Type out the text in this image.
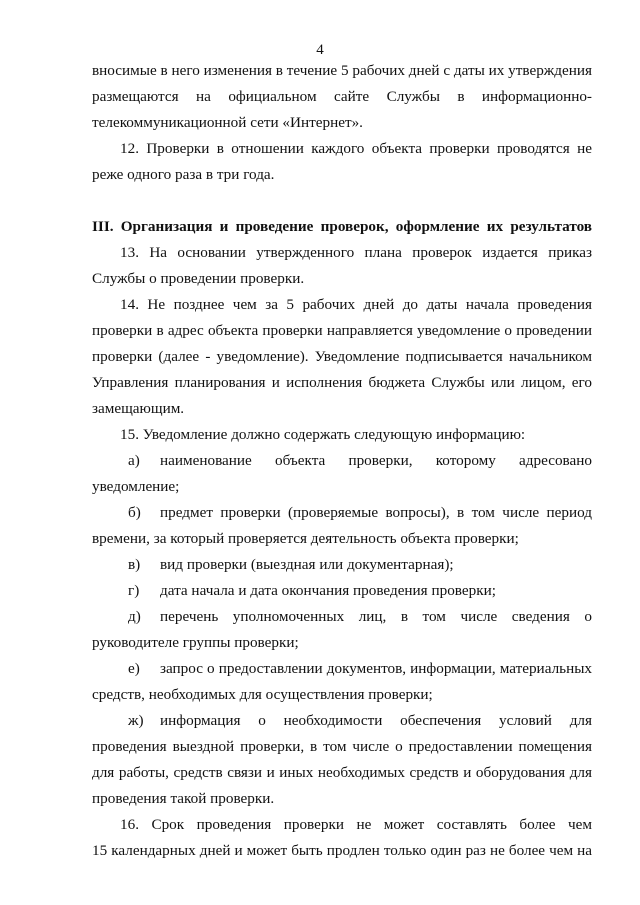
4
вносимые в него изменения в течение 5 рабочих дней с даты их утверждения
размещаются на официальном сайте Службы в информационно-
телекоммуникационной сети «Интернет».
12. Проверки в отношении каждого объекта проверки проводятся не
реже одного раза в три года.
III. Организация и проведение проверок, оформление их результатов
13. На основании утвержденного плана проверок издается приказ
Службы о проведении проверки.
14. Не позднее чем за 5 рабочих дней до даты начала проведения
проверки в адрес объекта проверки направляется уведомление о проведении
проверки (далее - уведомление). Уведомление подписывается начальником
Управления планирования и исполнения бюджета Службы или лицом, его
замещающим.
15. Уведомление должно содержать следующую информацию:
а) наименование объекта проверки, которому адресовано
уведомление;
б) предмет проверки (проверяемые вопросы), в том числе период
времени, за который проверяется деятельность объекта проверки;
в) вид проверки (выездная или документарная);
г) дата начала и дата окончания проведения проверки;
д) перечень уполномоченных лиц, в том числе сведения о
руководителе группы проверки;
е) запрос о предоставлении документов, информации, материальных
средств, необходимых для осуществления проверки;
ж) информация о необходимости обеспечения условий для
проведения выездной проверки, в том числе о предоставлении помещения
для работы, средств связи и иных необходимых средств и оборудования для
проведения такой проверки.
16. Срок проведения проверки не может составлять более чем
15 календарных дней и может быть продлен только один раз не более чем на
